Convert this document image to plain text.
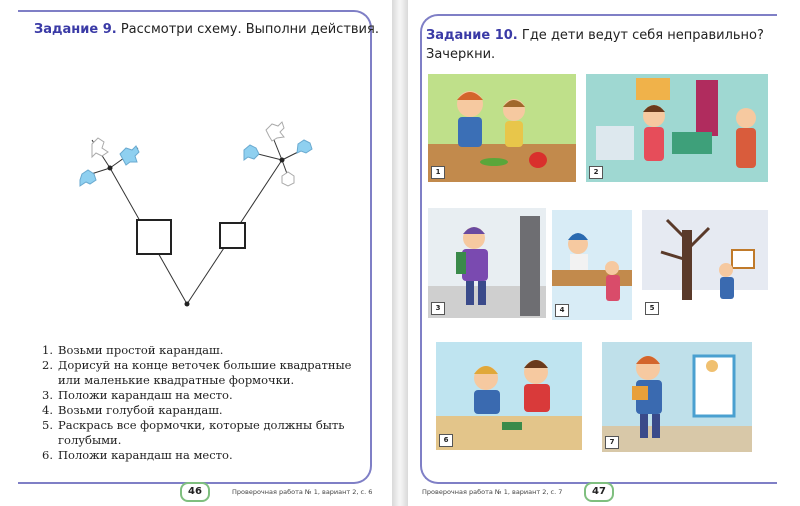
Задание 9. Рассмотри схему. Выполни действия.
1. Возьми простой карандаш.
2. Дорисуй на конце веточек большие квадратные или маленькие квадратные формочки.
3. Положи карандаш на место.
4. Возьми голубой карандаш.
5. Раскрась все формочки, которые должны быть голубыми.
6. Положи карандаш на место.
46	Проверочная работа № 1, вариант 2, с. 6
Задание 10. Где дети ведут себя неправильно? Зачеркни.
1	2
3	4	5
6	7
Проверочная работа № 1, вариант 2, с. 7	47
